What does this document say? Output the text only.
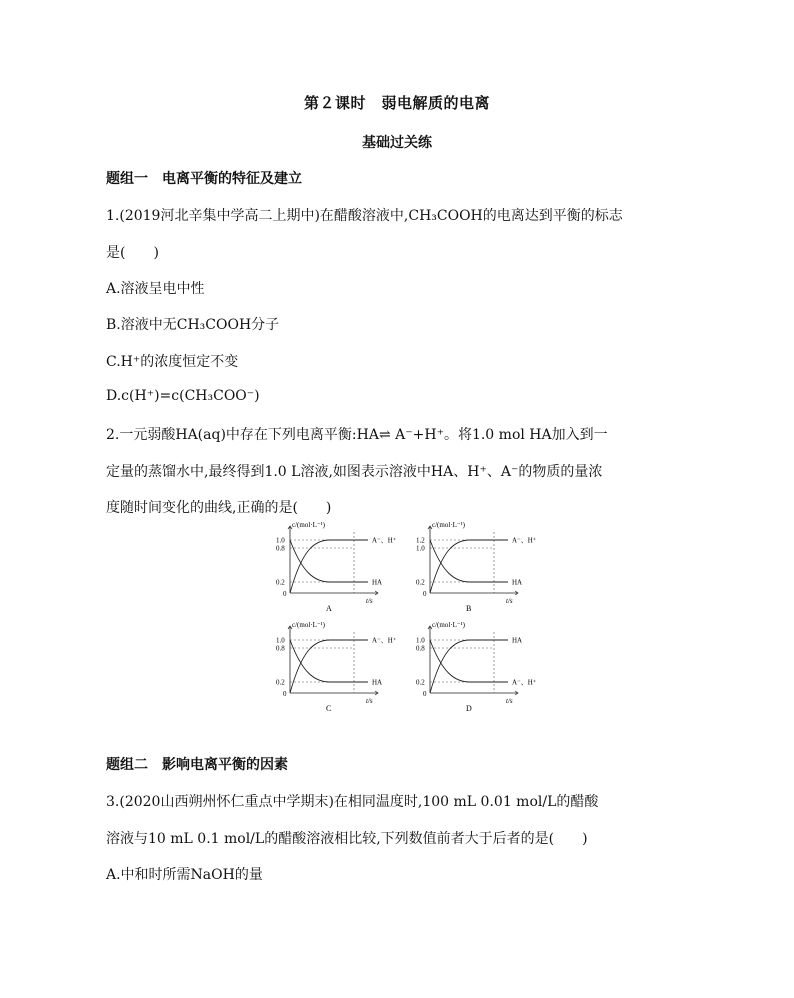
第２课时　弱电解质的电离
基础过关练
题组一　电离平衡的特征及建立
1.(2019河北辛集中学高二上期中)在醋酸溶液中,CH₃COOH的电离达到平衡的标志
是(　　)
A.溶液呈电中性
B.溶液中无CH₃COOH分子
C.H⁺的浓度恒定不变
D.c(H⁺)=c(CH₃COO⁻)
2.一元弱酸HA(aq)中存在下列电离平衡:HA⇌ A⁻+H⁺。将1.0 mol HA加入到一
定量的蒸馏水中,最终得到1.0 L溶液,如图表示溶液中HA、H⁺、A⁻的物质的量浓
度随时间变化的曲线,正确的是(　　)
c/(mol·L⁻¹)
t/s
0
1.0
0.8
0.2
A⁻、H⁺
HA
A
c/(mol·L⁻¹)
t/s
0
1.2
1.0
0.2
A⁻、H⁺
HA
B
c/(mol·L⁻¹)
t/s
0
1.0
0.8
0.2
A⁻、H⁺
HA
C
c/(mol·L⁻¹)
t/s
0
1.0
0.8
0.2
HA
A⁻、H⁺
D
题组二　影响电离平衡的因素
3.(2020山西朔州怀仁重点中学期末)在相同温度时,100 mL 0.01 mol/L的醋酸
溶液与10 mL 0.1 mol/L的醋酸溶液相比较,下列数值前者大于后者的是(　　)
A.中和时所需NaOH的量
